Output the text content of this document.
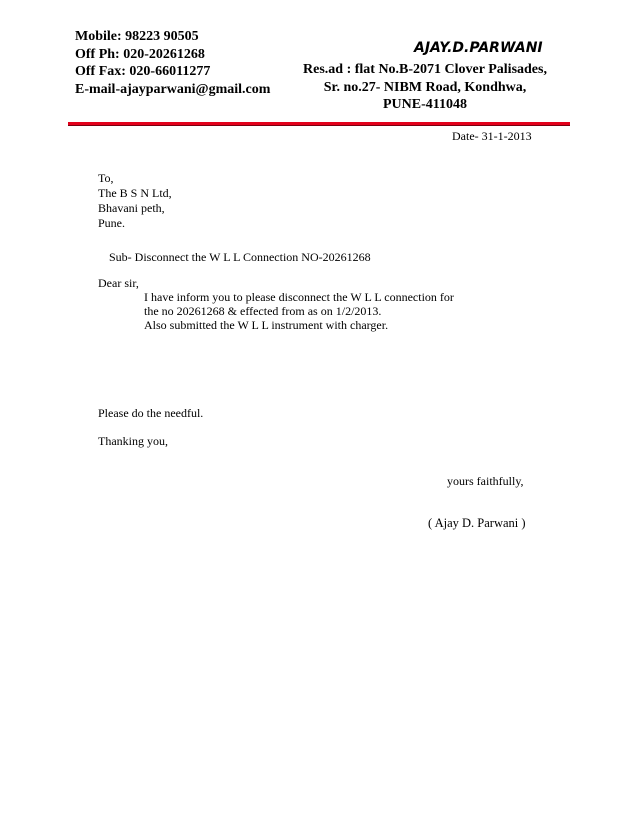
Mobile: 98223 90505
Off Ph: 020-20261268
Off Fax: 020-66011277
E-mail-ajayparwani@gmail.com
AJAY.D.PARWANI
Res.ad : flat No.B-2071 Clover Palisades,
Sr. no.27- NIBM Road, Kondhwa,
PUNE-411048
Date- 31-1-2013
To,
The B S N Ltd,
Bhavani peth,
Pune.
Sub- Disconnect the W L L Connection NO-20261268
Dear sir,
I have inform you to please disconnect the W L L connection for
the no 20261268 & effected from as on 1/2/2013.
Also submitted the W L L instrument with charger.
Please do the needful.
Thanking you,
yours faithfully,
( Ajay D. Parwani )
